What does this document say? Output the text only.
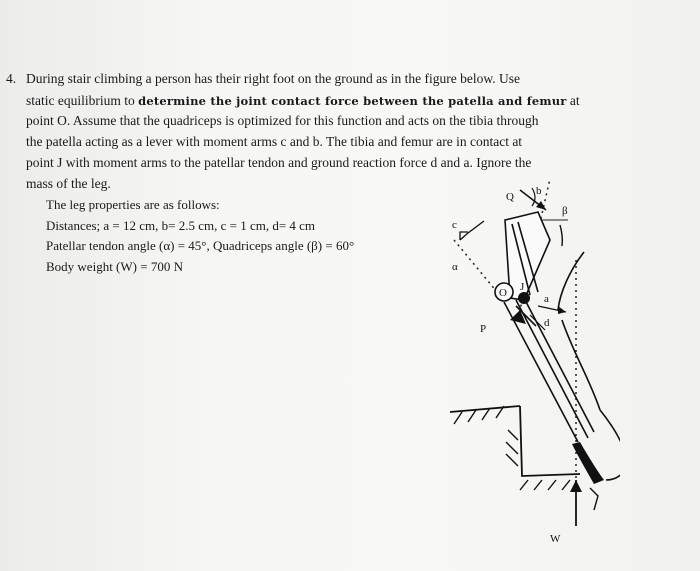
4. During stair climbing a person has their right foot on the ground as in the figure below. Use
static equilibrium to determine the joint contact force between the patella and femur at
point O. Assume that the quadriceps is optimized for this function and acts on the tibia through
the patella acting as a lever with moment arms c and b. The tibia and femur are in contact at
point J with moment arms to the patellar tendon and ground reaction force d and a. Ignore the
mass of the leg.
The leg properties are as follows:
Distances; a = 12 cm, b= 2.5 cm, c = 1 cm, d= 4 cm
Patellar tendon angle (α) = 45°, Quadriceps angle (β) = 60°
Body weight (W) = 700 N
Q b
β
c
α
O J
a
d
P
W
